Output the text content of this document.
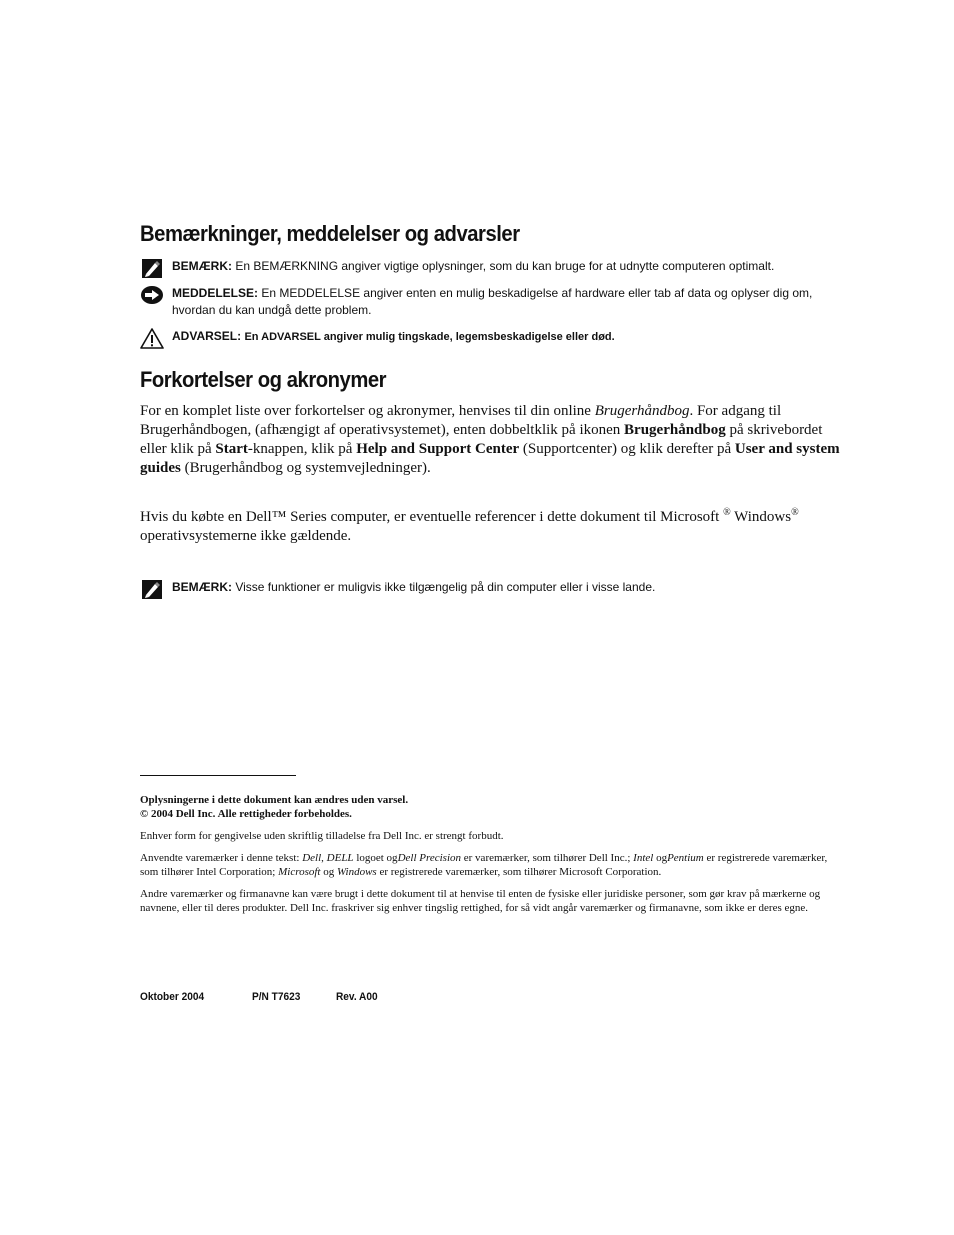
Bemærkninger, meddelelser og advarsler
BEMÆRK: En BEMÆRKNING angiver vigtige oplysninger, som du kan bruge for at udnytte computeren optimalt.
MEDDELELSE: En MEDDELELSE angiver enten en mulig beskadigelse af hardware eller tab af data og oplyser dig om, hvordan du kan undgå dette problem.
ADVARSEL: En ADVARSEL angiver mulig tingskade, legemsbeskadigelse eller død.
Forkortelser og akronymer
For en komplet liste over forkortelser og akronymer, henvises til din online Brugerhåndbog. For adgang til Brugerhåndbogen, (afhængigt af operativsystemet), enten dobbeltklik på ikonen Brugerhåndbog på skrivebordet eller klik på Start-knappen, klik på Help and Support Center (Supportcenter) og klik derefter på User and system guides (Brugerhåndbog og systemvejledninger).
Hvis du købte en Dell™ Series computer, er eventuelle referencer i dette dokument til Microsoft ® Windows® operativsystemerne ikke gældende.
BEMÆRK: Visse funktioner er muligvis ikke tilgængelig på din computer eller i visse lande.
Oplysningerne i dette dokument kan ændres uden varsel.
© 2004 Dell Inc. Alle rettigheder forbeholdes.
Enhver form for gengivelse uden skriftlig tilladelse fra Dell Inc. er strengt forbudt.
Anvendte varemærker i denne tekst: Dell, DELL logoet ogDell Precision er varemærker, som tilhører Dell Inc.; Intel ogPentium er registrerede varemærker, som tilhører Intel Corporation; Microsoft og Windows er registrerede varemærker, som tilhører Microsoft Corporation.
Andre varemærker og firmanavne kan være brugt i dette dokument til at henvise til enten de fysiske eller juridiske personer, som gør krav på mærkerne og navnene, eller til deres produkter. Dell Inc. fraskriver sig enhver tingslig rettighed, for så vidt angår varemærker og firmanavne, som ikke er deres egne.
Oktober 2004	P/N T7623	Rev. A00
